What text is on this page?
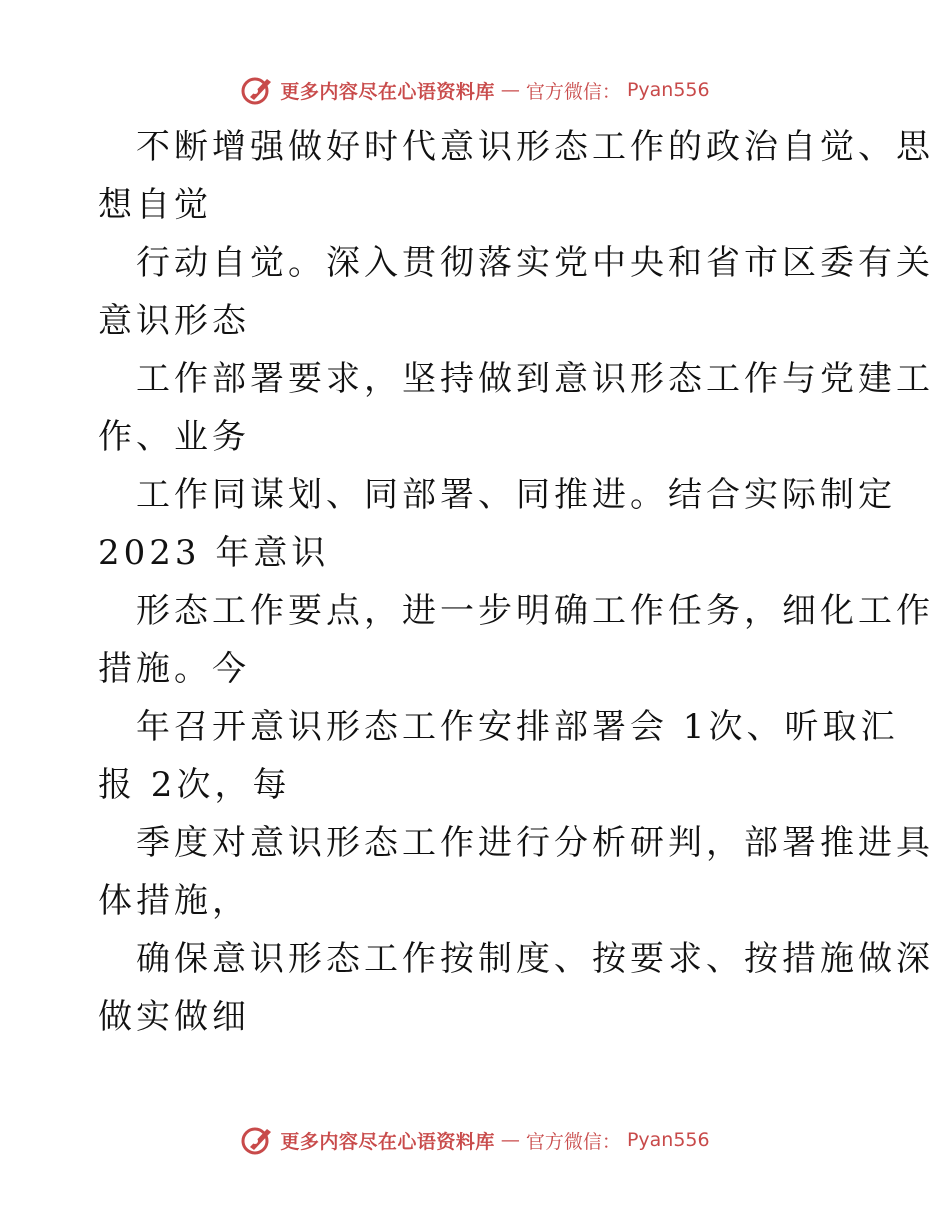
更多内容尽在心语资料库 — 官方微信： Pyan556
不断增强做好时代意识形态工作的政治自觉、思
想自觉
行动自觉。深入贯彻落实党中央和省市区委有关
意识形态
工作部署要求，坚持做到意识形态工作与党建工
作、业务
工作同谋划、同部署、同推进。结合实际制定
2023 年意识
形态工作要点，进一步明确工作任务，细化工作
措施。今
年召开意识形态工作安排部署会 1次、听取汇
报 2次，每
季度对意识形态工作进行分析研判，部署推进具
体措施，
确保意识形态工作按制度、按要求、按措施做深
做实做细
更多内容尽在心语资料库 — 官方微信： Pyan556
